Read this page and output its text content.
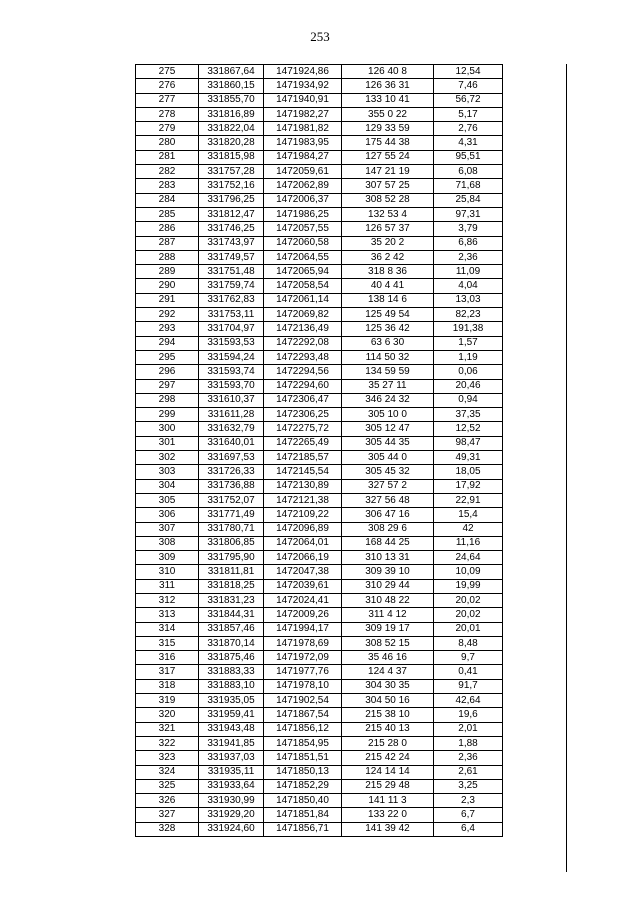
253
275	331867,64	1471924,86	126 40 8	12,54
276	331860,15	1471934,92	126 36 31	7,46
277	331855,70	1471940,91	133 10 41	56,72
278	331816,89	1471982,27	355 0 22	5,17
279	331822,04	1471981,82	129 33 59	2,76
280	331820,28	1471983,95	175 44 38	4,31
281	331815,98	1471984,27	127 55 24	95,51
282	331757,28	1472059,61	147 21 19	6,08
283	331752,16	1472062,89	307 57 25	71,68
284	331796,25	1472006,37	308 52 28	25,84
285	331812,47	1471986,25	132 53 4	97,31
286	331746,25	1472057,55	126 57 37	3,79
287	331743,97	1472060,58	35 20 2	6,86
288	331749,57	1472064,55	36 2 42	2,36
289	331751,48	1472065,94	318 8 36	11,09
290	331759,74	1472058,54	40 4 41	4,04
291	331762,83	1472061,14	138 14 6	13,03
292	331753,11	1472069,82	125 49 54	82,23
293	331704,97	1472136,49	125 36 42	191,38
294	331593,53	1472292,08	63 6 30	1,57
295	331594,24	1472293,48	114 50 32	1,19
296	331593,74	1472294,56	134 59 59	0,06
297	331593,70	1472294,60	35 27 11	20,46
298	331610,37	1472306,47	346 24 32	0,94
299	331611,28	1472306,25	305 10 0	37,35
300	331632,79	1472275,72	305 12 47	12,52
301	331640,01	1472265,49	305 44 35	98,47
302	331697,53	1472185,57	305 44 0	49,31
303	331726,33	1472145,54	305 45 32	18,05
304	331736,88	1472130,89	327 57 2	17,92
305	331752,07	1472121,38	327 56 48	22,91
306	331771,49	1472109,22	306 47 16	15,4
307	331780,71	1472096,89	308 29 6	42
308	331806,85	1472064,01	168 44 25	11,16
309	331795,90	1472066,19	310 13 31	24,64
310	331811,81	1472047,38	309 39 10	10,09
311	331818,25	1472039,61	310 29 44	19,99
312	331831,23	1472024,41	310 48 22	20,02
313	331844,31	1472009,26	311 4 12	20,02
314	331857,46	1471994,17	309 19 17	20,01
315	331870,14	1471978,69	308 52 15	8,48
316	331875,46	1471972,09	35 46 16	9,7
317	331883,33	1471977,76	124 4 37	0,41
318	331883,10	1471978,10	304 30 35	91,7
319	331935,05	1471902,54	304 50 16	42,64
320	331959,41	1471867,54	215 38 10	19,6
321	331943,48	1471856,12	215 40 13	2,01
322	331941,85	1471854,95	215 28 0	1,88
323	331937,03	1471851,51	215 42 24	2,36
324	331935,11	1471850,13	124 14 14	2,61
325	331933,64	1471852,29	215 29 48	3,25
326	331930,99	1471850,40	141 11 3	2,3
327	331929,20	1471851,84	133 22 0	6,7
328	331924,60	1471856,71	141 39 42	6,4
